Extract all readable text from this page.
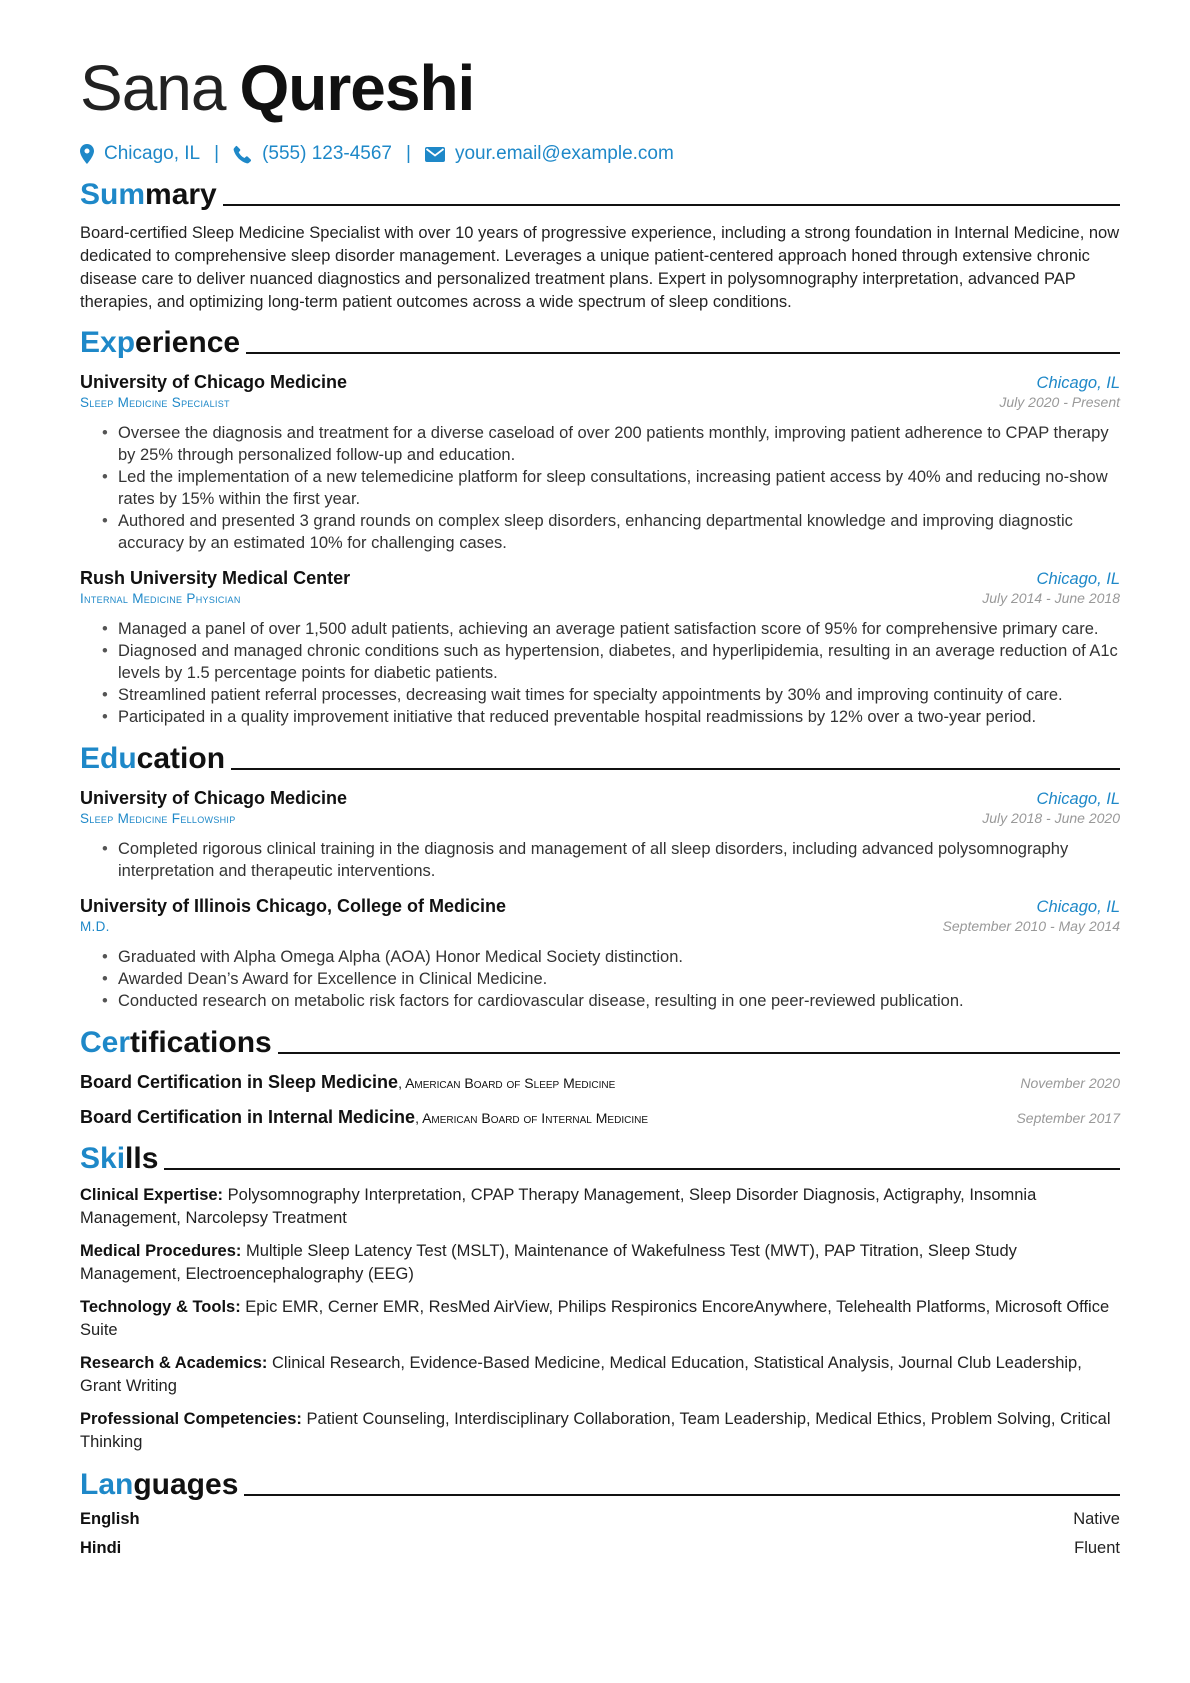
Sana Qureshi
Chicago, IL | (555) 123-4567 | your.email@example.com
Summary

Board-certified Sleep Medicine Specialist with over 10 years of progressive experience, including a strong foundation in Internal Medicine, now dedicated to comprehensive sleep disorder management. Leverages a unique patient-centered approach honed through extensive chronic disease care to deliver nuanced diagnostics and personalized treatment plans. Expert in polysomnography interpretation, advanced PAP therapies, and optimizing long-term patient outcomes across a wide spectrum of sleep conditions.

Experience
University of Chicago Medicine	Chicago, IL
Sleep Medicine Specialist	July 2020 - Present
• Oversee the diagnosis and treatment for a diverse caseload of over 200 patients monthly, improving patient adherence to CPAP therapy by 25% through personalized follow-up and education.
• Led the implementation of a new telemedicine platform for sleep consultations, increasing patient access by 40% and reducing no-show rates by 15% within the first year.
• Authored and presented 3 grand rounds on complex sleep disorders, enhancing departmental knowledge and improving diagnostic accuracy by an estimated 10% for challenging cases.
Rush University Medical Center	Chicago, IL
Internal Medicine Physician	July 2014 - June 2018
• Managed a panel of over 1,500 adult patients, achieving an average patient satisfaction score of 95% for comprehensive primary care.
• Diagnosed and managed chronic conditions such as hypertension, diabetes, and hyperlipidemia, resulting in an average reduction of A1c levels by 1.5 percentage points for diabetic patients.
• Streamlined patient referral processes, decreasing wait times for specialty appointments by 30% and improving continuity of care.
• Participated in a quality improvement initiative that reduced preventable hospital readmissions by 12% over a two-year period.
Education
University of Chicago Medicine	Chicago, IL
Sleep Medicine Fellowship	July 2018 - June 2020
• Completed rigorous clinical training in the diagnosis and management of all sleep disorders, including advanced polysomnography interpretation and therapeutic interventions.
University of Illinois Chicago, College of Medicine	Chicago, IL
M.D.	September 2010 - May 2014
• Graduated with Alpha Omega Alpha (AOA) Honor Medical Society distinction.
• Awarded Dean’s Award for Excellence in Clinical Medicine.
• Conducted research on metabolic risk factors for cardiovascular disease, resulting in one peer-reviewed publication.
Certifications
Board Certification in Sleep Medicine, American Board of Sleep Medicine	November 2020
Board Certification in Internal Medicine, American Board of Internal Medicine	September 2017
Skills

Clinical Expertise: Polysomnography Interpretation, CPAP Therapy Management, Sleep Disorder Diagnosis, Actigraphy, Insomnia Management, Narcolepsy Treatment

Medical Procedures: Multiple Sleep Latency Test (MSLT), Maintenance of Wakefulness Test (MWT), PAP Titration, Sleep Study Management, Electroencephalography (EEG)

Technology & Tools: Epic EMR, Cerner EMR, ResMed AirView, Philips Respironics EncoreAnywhere, Telehealth Platforms, Microsoft Office Suite

Research & Academics: Clinical Research, Evidence-Based Medicine, Medical Education, Statistical Analysis, Journal Club Leadership, Grant Writing

Professional Competencies: Patient Counseling, Interdisciplinary Collaboration, Team Leadership, Medical Ethics, Problem Solving, Critical Thinking

Languages
English	Native
Hindi	Fluent
